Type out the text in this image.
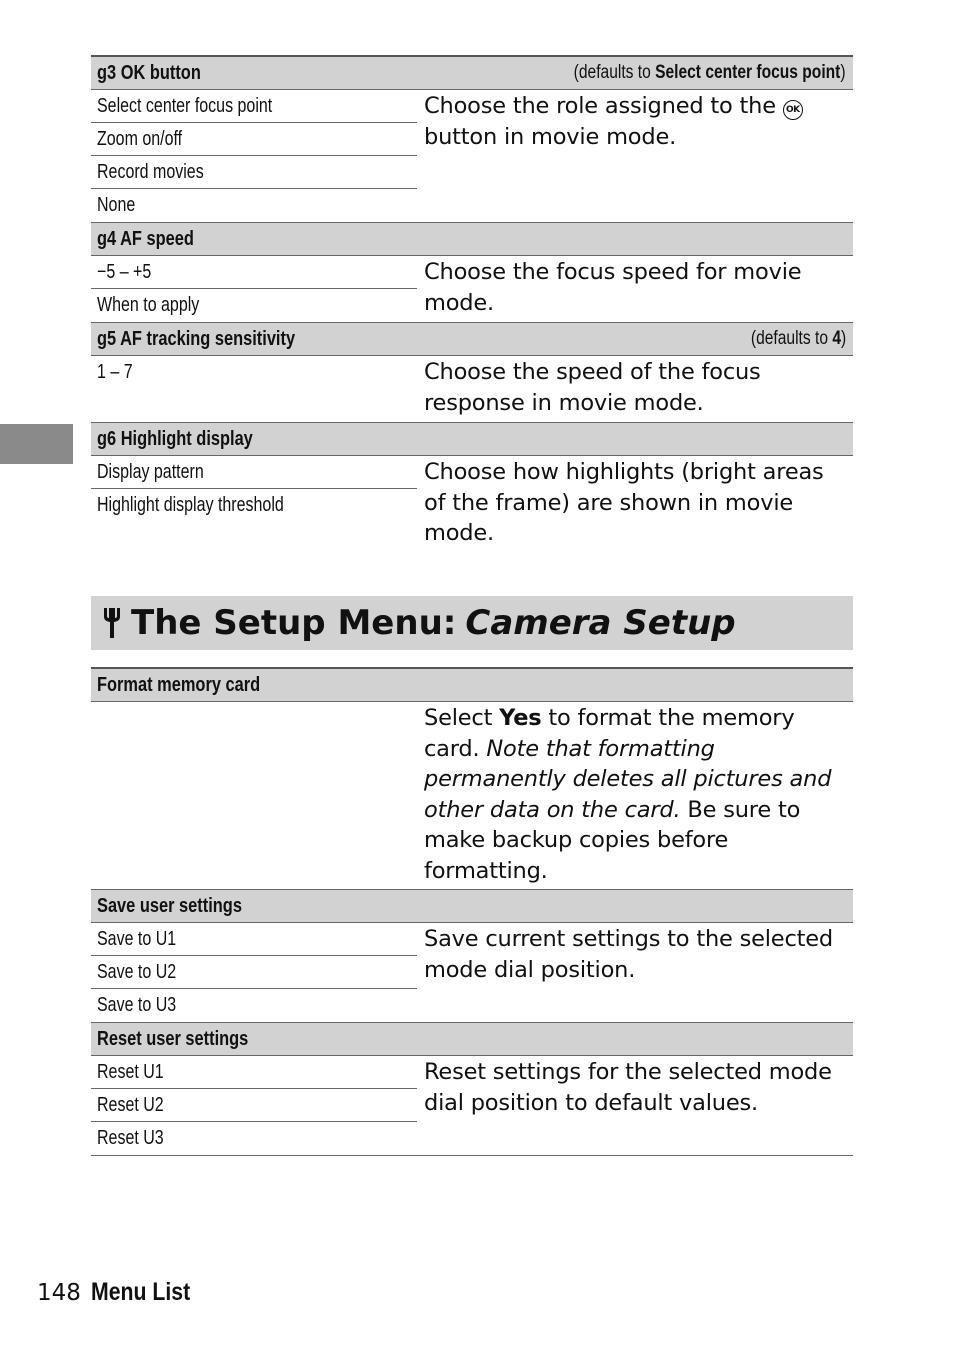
g3 OK button	(defaults to Select center focus point)
Select center focus point
Zoom on/off
Record movies
None
Choose the role assigned to the OK button in movie mode.
g4 AF speed
−5 – +5
When to apply
Choose the focus speed for movie mode.
g5 AF tracking sensitivity	(defaults to 4)
1 – 7	Choose the speed of the focus response in movie mode.
g6 Highlight display
Display pattern
Highlight display threshold
Choose how highlights (bright areas of the frame) are shown in movie mode.
The Setup Menu: Camera Setup
Format memory card
Select Yes to format the memory card. Note that formatting permanently deletes all pictures and other data on the card. Be sure to make backup copies before formatting.
Save user settings
Save to U1
Save to U2
Save to U3
Save current settings to the selected mode dial position.
Reset user settings
Reset U1
Reset U2
Reset U3
Reset settings for the selected mode dial position to default values.
148 Menu List
